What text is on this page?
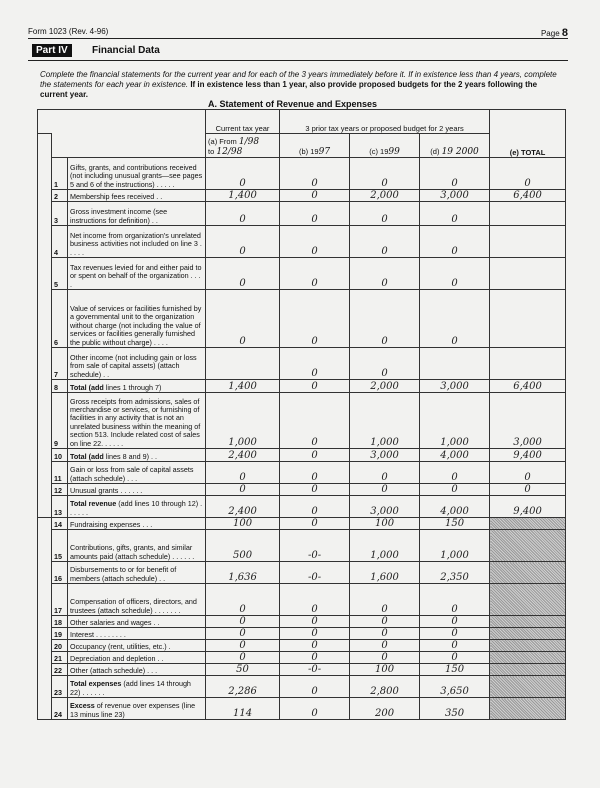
Form 1023 (Rev. 4-96)	Page 8
Part IV	Financial Data
Complete the financial statements for the current year and for each of the 3 years immediately before it. If in existence less than 4 years, complete the statements for each year in existence. If in existence less than 1 year, also provide proposed budgets for the 2 years following the current year.
A. Statement of Revenue and Expenses
			Current tax year	3 prior tax years or proposed budget for 2 years			
		(a) From 1/98
to 12/98	(b) 1997	(c) 1999	(d) 19 2000	(e) TOTAL
	1	Gifts, grants, and contributions received (not including unusual grants—see pages 5 and 6 of the instructions) . . . . .	0	0	0	0	0
	2	Membership fees received . .	1,400	0	2,000	3,000	6,400
	3	Gross investment income (see instructions for definition) . .	0	0	0	0	
	4	Net income from organization's unrelated business activities not included on line 3 . . . . .	0	0	0	0	
	5	Tax revenues levied for and either paid to or spent on behalf of the organization . . . .	0	0	0	0	
	6	Value of services or facilities furnished by a governmental unit to the organization without charge (not including the value of services or facilities generally furnished the public without charge) . . . .	0	0	0	0	
	7	Other income (not including gain or loss from sale of capital assets) (attach schedule) . .		0	0		
	8	Total (add lines 1 through 7)	1,400	0	2,000	3,000	6,400
	9	Gross receipts from admissions, sales of merchandise or services, or furnishing of facilities in any activity that is not an unrelated business within the meaning of section 513. Include related cost of sales on line 22. . . . . .	1,000	0	1,000	1,000	3,000
	10	Total (add lines 8 and 9) . .	2,400	0	3,000	4,000	9,400
	11	Gain or loss from sale of capital assets (attach schedule) . . .	0	0	0	0	0
	12	Unusual grants . . . . . .	0	0	0	0	0
	13	Total revenue (add lines 10 through 12) . . . . . .	2,400	0	3,000	4,000	9,400
	14	Fundraising expenses . . .	100	0	100	150	
	15	Contributions, gifts, grants, and similar amounts paid (attach schedule) . . . . . .	500	-0-	1,000	1,000	
	16	Disbursements to or for benefit of members (attach schedule) . .	1,636	-0-	1,600	2,350	
	17	Compensation of officers, directors, and trustees (attach schedule) . . . . . . .	0	0	0	0	
	18	Other salaries and wages . .	0	0	0	0	
	19	Interest . . . . . . . .	0	0	0	0	
	20	Occupancy (rent, utilities, etc.) .	0	0	0	0	
	21	Depreciation and depletion . .	0	0	0	0	
	22	Other (attach schedule) . . .	50	-0-	100	150	
	23	Total expenses (add lines 14 through 22) . . . . . .	2,286	0	2,800	3,650	
	24	Excess of revenue over expenses (line 13 minus line 23)	114	0	200	350	
